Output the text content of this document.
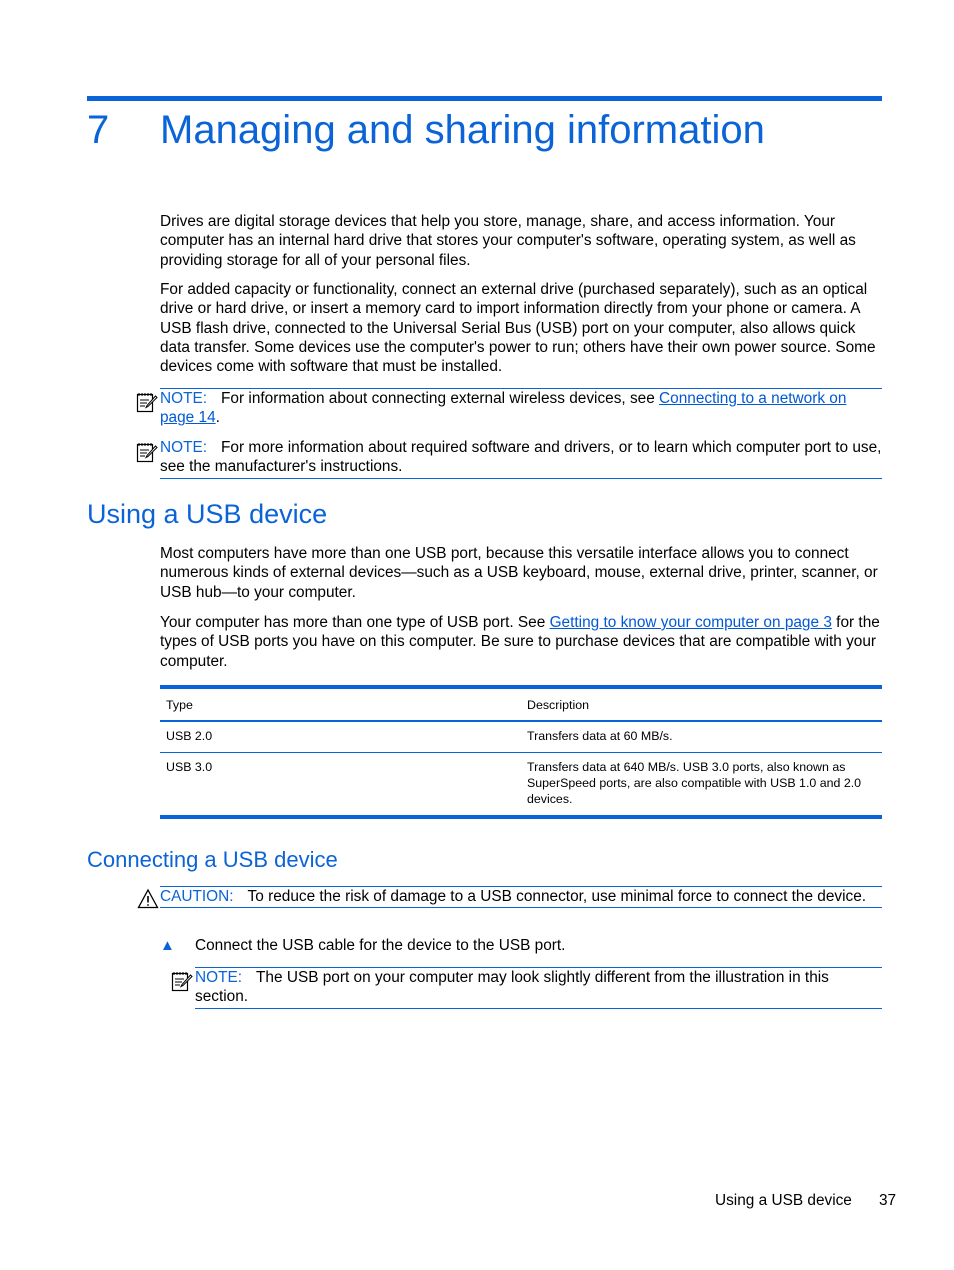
7 Managing and sharing information
Drives are digital storage devices that help you store, manage, share, and access information. Your computer has an internal hard drive that stores your computer's software, operating system, as well as providing storage for all of your personal files.
For added capacity or functionality, connect an external drive (purchased separately), such as an optical drive or hard drive, or insert a memory card to import information directly from your phone or camera. A USB flash drive, connected to the Universal Serial Bus (USB) port on your computer, also allows quick data transfer. Some devices use the computer's power to run; others have their own power source. Some devices come with software that must be installed.
NOTE: For information about connecting external wireless devices, see Connecting to a network on page 14.
NOTE: For more information about required software and drivers, or to learn which computer port to use, see the manufacturer's instructions.
Using a USB device
Most computers have more than one USB port, because this versatile interface allows you to connect numerous kinds of external devices—such as a USB keyboard, mouse, external drive, printer, scanner, or USB hub—to your computer.
Your computer has more than one type of USB port. See Getting to know your computer on page 3 for the types of USB ports you have on this computer. Be sure to purchase devices that are compatible with your computer.
Type	Description
USB 2.0	Transfers data at 60 MB/s.
USB 3.0	Transfers data at 640 MB/s. USB 3.0 ports, also known as SuperSpeed ports, are also compatible with USB 1.0 and 2.0 devices.
Connecting a USB device
CAUTION: To reduce the risk of damage to a USB connector, use minimal force to connect the device.
▲ Connect the USB cable for the device to the USB port.
NOTE: The USB port on your computer may look slightly different from the illustration in this section.
Using a USB device 37
